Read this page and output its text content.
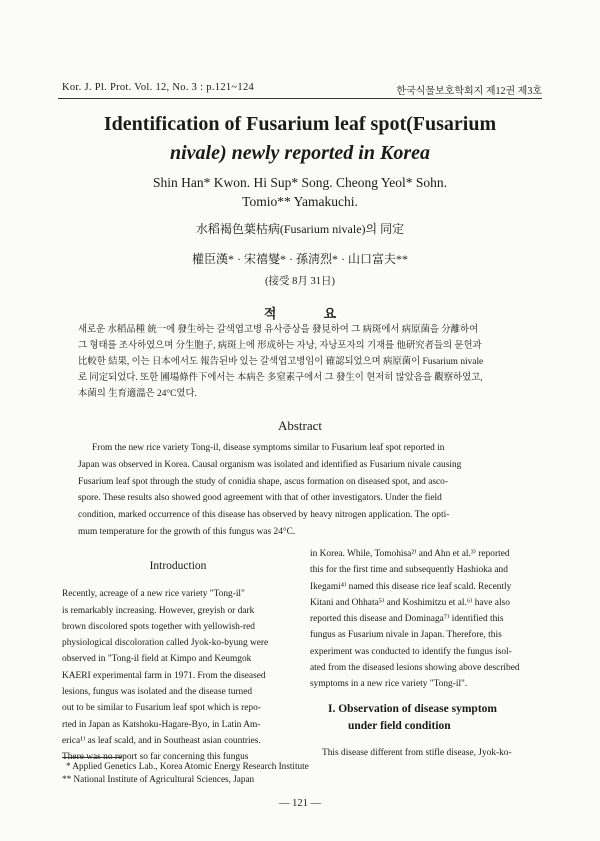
Kor. J. Pl. Prot. Vol. 12, No. 3 : p.121~124	한국식물보호학회지 제12권 제3호
Identification of Fusarium leaf spot(Fusarium
nivale) newly reported in Korea
Shin Han* Kwon. Hi Sup* Song. Cheong Yeol* Sohn.
Tomio** Yamakuchi.
水稻褐色葉枯病(Fusarium nivale)의 同定
權臣漢* · 宋禧燮* · 孫淸烈* · 山口富夫**
(接受 8月 31日)
적 요
새로운 水稻品種 統一에 發生하는 갈색엽고병 유사증상을 發見하여 그 病斑에서 病原菌을 分離하여
그 형태를 조사하였으며 分生胞子, 病斑上에 形成하는 자낭, 자낭포자의 기재를 他研究者들의 문헌과
比較한 結果, 이는 日本에서도 報告된바 있는 갈색엽고병임이 確認되었으며 病原菌이 Fusarium nivale
로 同定되었다. 또한 圃場條件下에서는 本病은 多窒素구에서 그 發生이 현저히 많았음을 觀察하였고,
本菌의 生育適溫은 24°C였다.
Abstract
From the new rice variety Tong-il, disease symptoms similar to Fusarium leaf spot reported in
Japan was observed in Korea. Causal organism was isolated and identified as Fusarium nivale causing
Fusarium leaf spot through the study of conidia shape, ascus formation on diseased spot, and asco-
spore. These results also showed good agreement with that of other investigators. Under the field
condition, marked occurrence of this disease has observed by heavy nitrogen application. The opti-
mum temperature for the growth of this fungus was 24°C.
Introduction
Recently, acreage of a new rice variety "Tong-il"
is remarkably increasing. However, greyish or dark
brown discolored spots together with yellowish-red
physiological discoloration called Jyok-ko-byung were
observed in "Tong-il field at Kimpo and Keumgok
KAERI experimental farm in 1971. From the diseased
lesions, fungus was isolated and the disease turned
out to be similar to Fusarium leaf spot which is repo-
rted in Japan as Katshoku-Hagare-Byo, in Latin Am-
erica¹⁾ as leaf scald, and in Southeast asian countries.
There was no report so far concerning this fungus
in Korea. While, Tomohisa²⁾ and Ahn et al.³⁾ reported
this for the first time and subsequently Hashioka and
Ikegami⁴⁾ named this disease rice leaf scald. Recently
Kitani and Ohhata⁵⁾ and Koshimitzu et al.⁶⁾ have also
reported this disease and Dominaga⁷⁾ identified this
fungus as Fusarium nivale in Japan. Therefore, this
experiment was conducted to identify the fungus isol-
ated from the diseased lesions showing above described
symptoms in a new rice variety "Tong-il".
I. Observation of disease symptom
under field condition
This disease different from stifle disease, Jyok-ko-
* Applied Genetics Lab., Korea Atomic Energy Research Institute
** National Institute of Agricultural Sciences, Japan
— 121 —
